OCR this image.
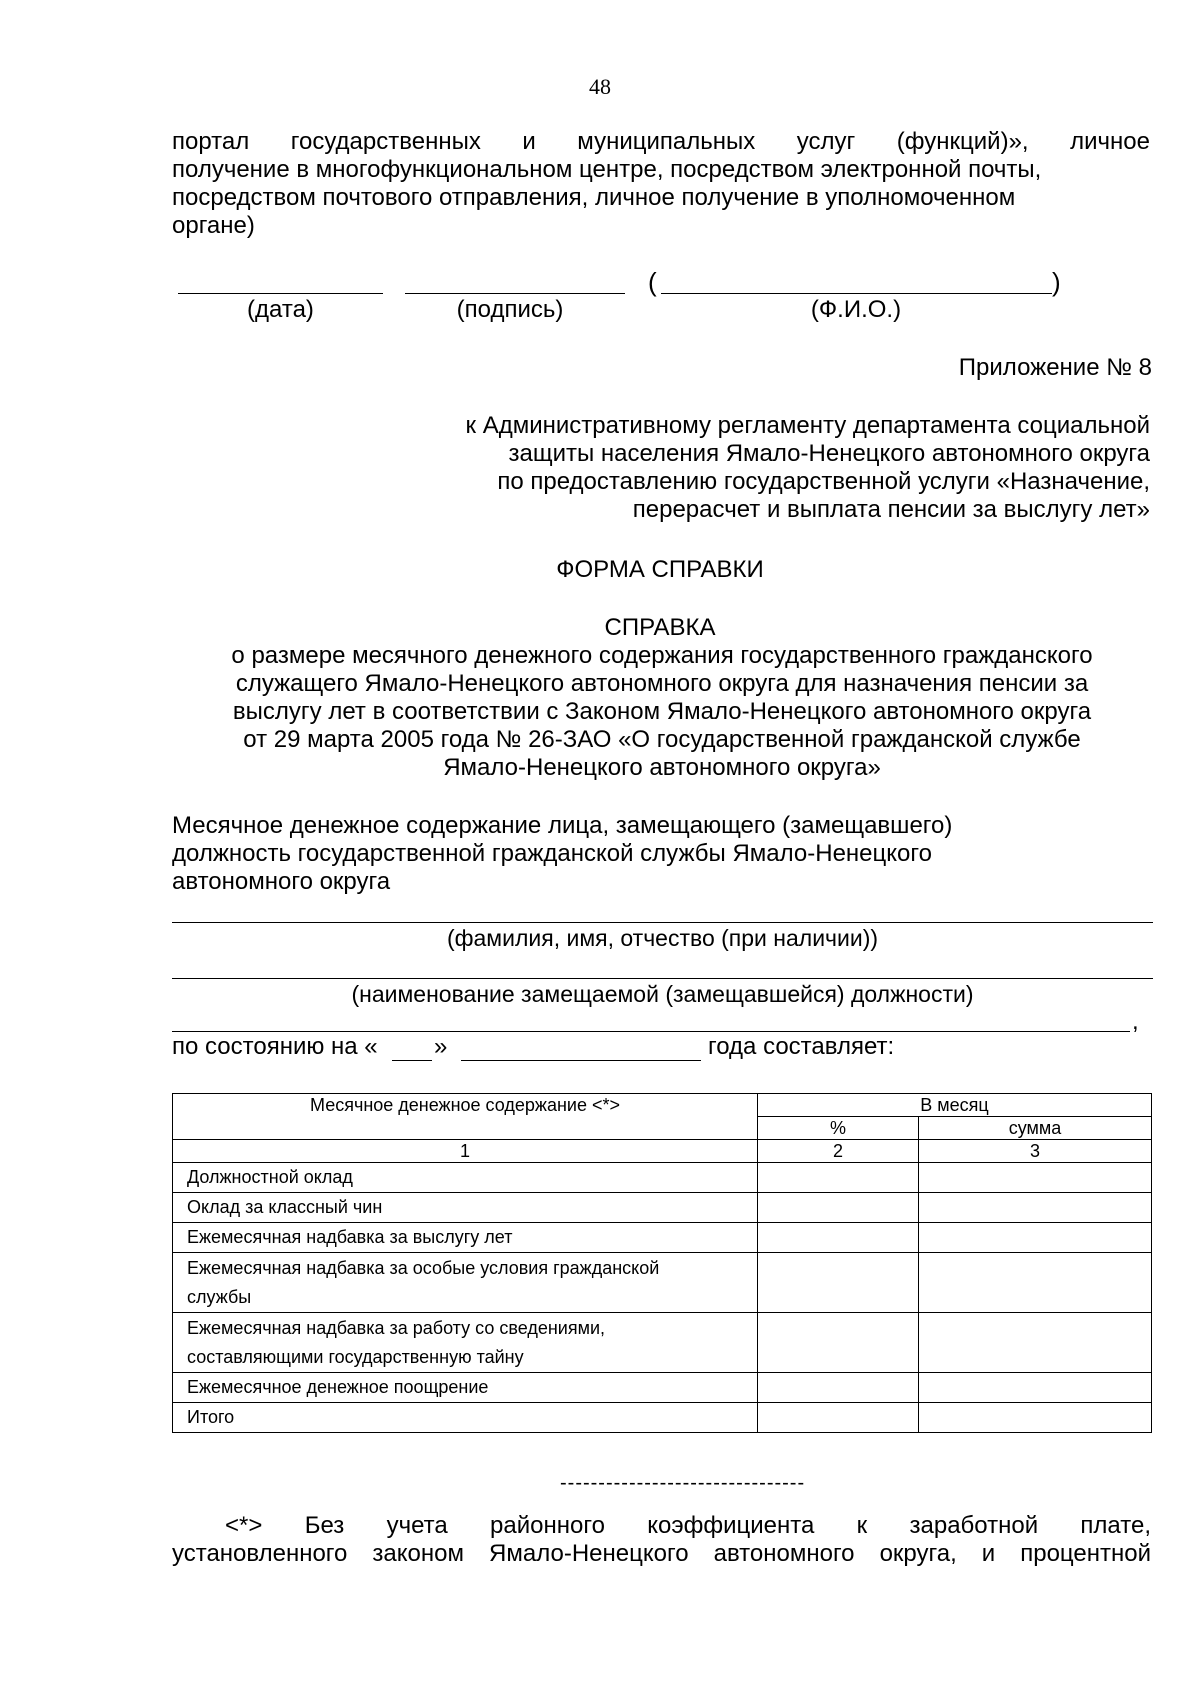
48
портал государственных и муниципальных услуг (функций)», личное
получение в многофункциональном центре, посредством электронной почты,
посредством почтового отправления, личное получение в уполномоченном
органе)
(	)
(дата)	(подпись)	(Ф.И.О.)
Приложение № 8
к Административному регламенту департамента социальной
защиты населения Ямало-Ненецкого автономного округа
по предоставлению государственной услуги «Назначение,
перерасчет и выплата пенсии за выслугу лет»
ФОРМА СПРАВКИ
СПРАВКА
о размере месячного денежного содержания государственного гражданского
служащего Ямало-Ненецкого автономного округа для назначения пенсии за
выслугу лет в соответствии с Законом Ямало-Ненецкого автономного округа
от 29 марта 2005 года № 26-ЗАО «О государственной гражданской службе
Ямало-Ненецкого автономного округа»
Месячное денежное содержание лица, замещающего (замещавшего)
должность государственной гражданской службы Ямало-Ненецкого
автономного округа
(фамилия, имя, отчество (при наличии))
(наименование замещаемой (замещавшейся) должности)
,
по состоянию на « »	года составляет:
Месячное денежное содержание <*>	В месяц	
	%	сумма
1	2	3
Должностной оклад		
Оклад за классный чин		
Ежемесячная надбавка за выслугу лет		

Ежемесячная надбавка за особые условия гражданской
службы		

Ежемесячная надбавка за работу со сведениями,
составляющими государственную тайну		

Ежемесячное денежное поощрение		
Итого		
--------------------------------
<*> Без учета районного коэффициента к заработной плате,
установленного законом Ямало-Ненецкого автономного округа, и процентной
